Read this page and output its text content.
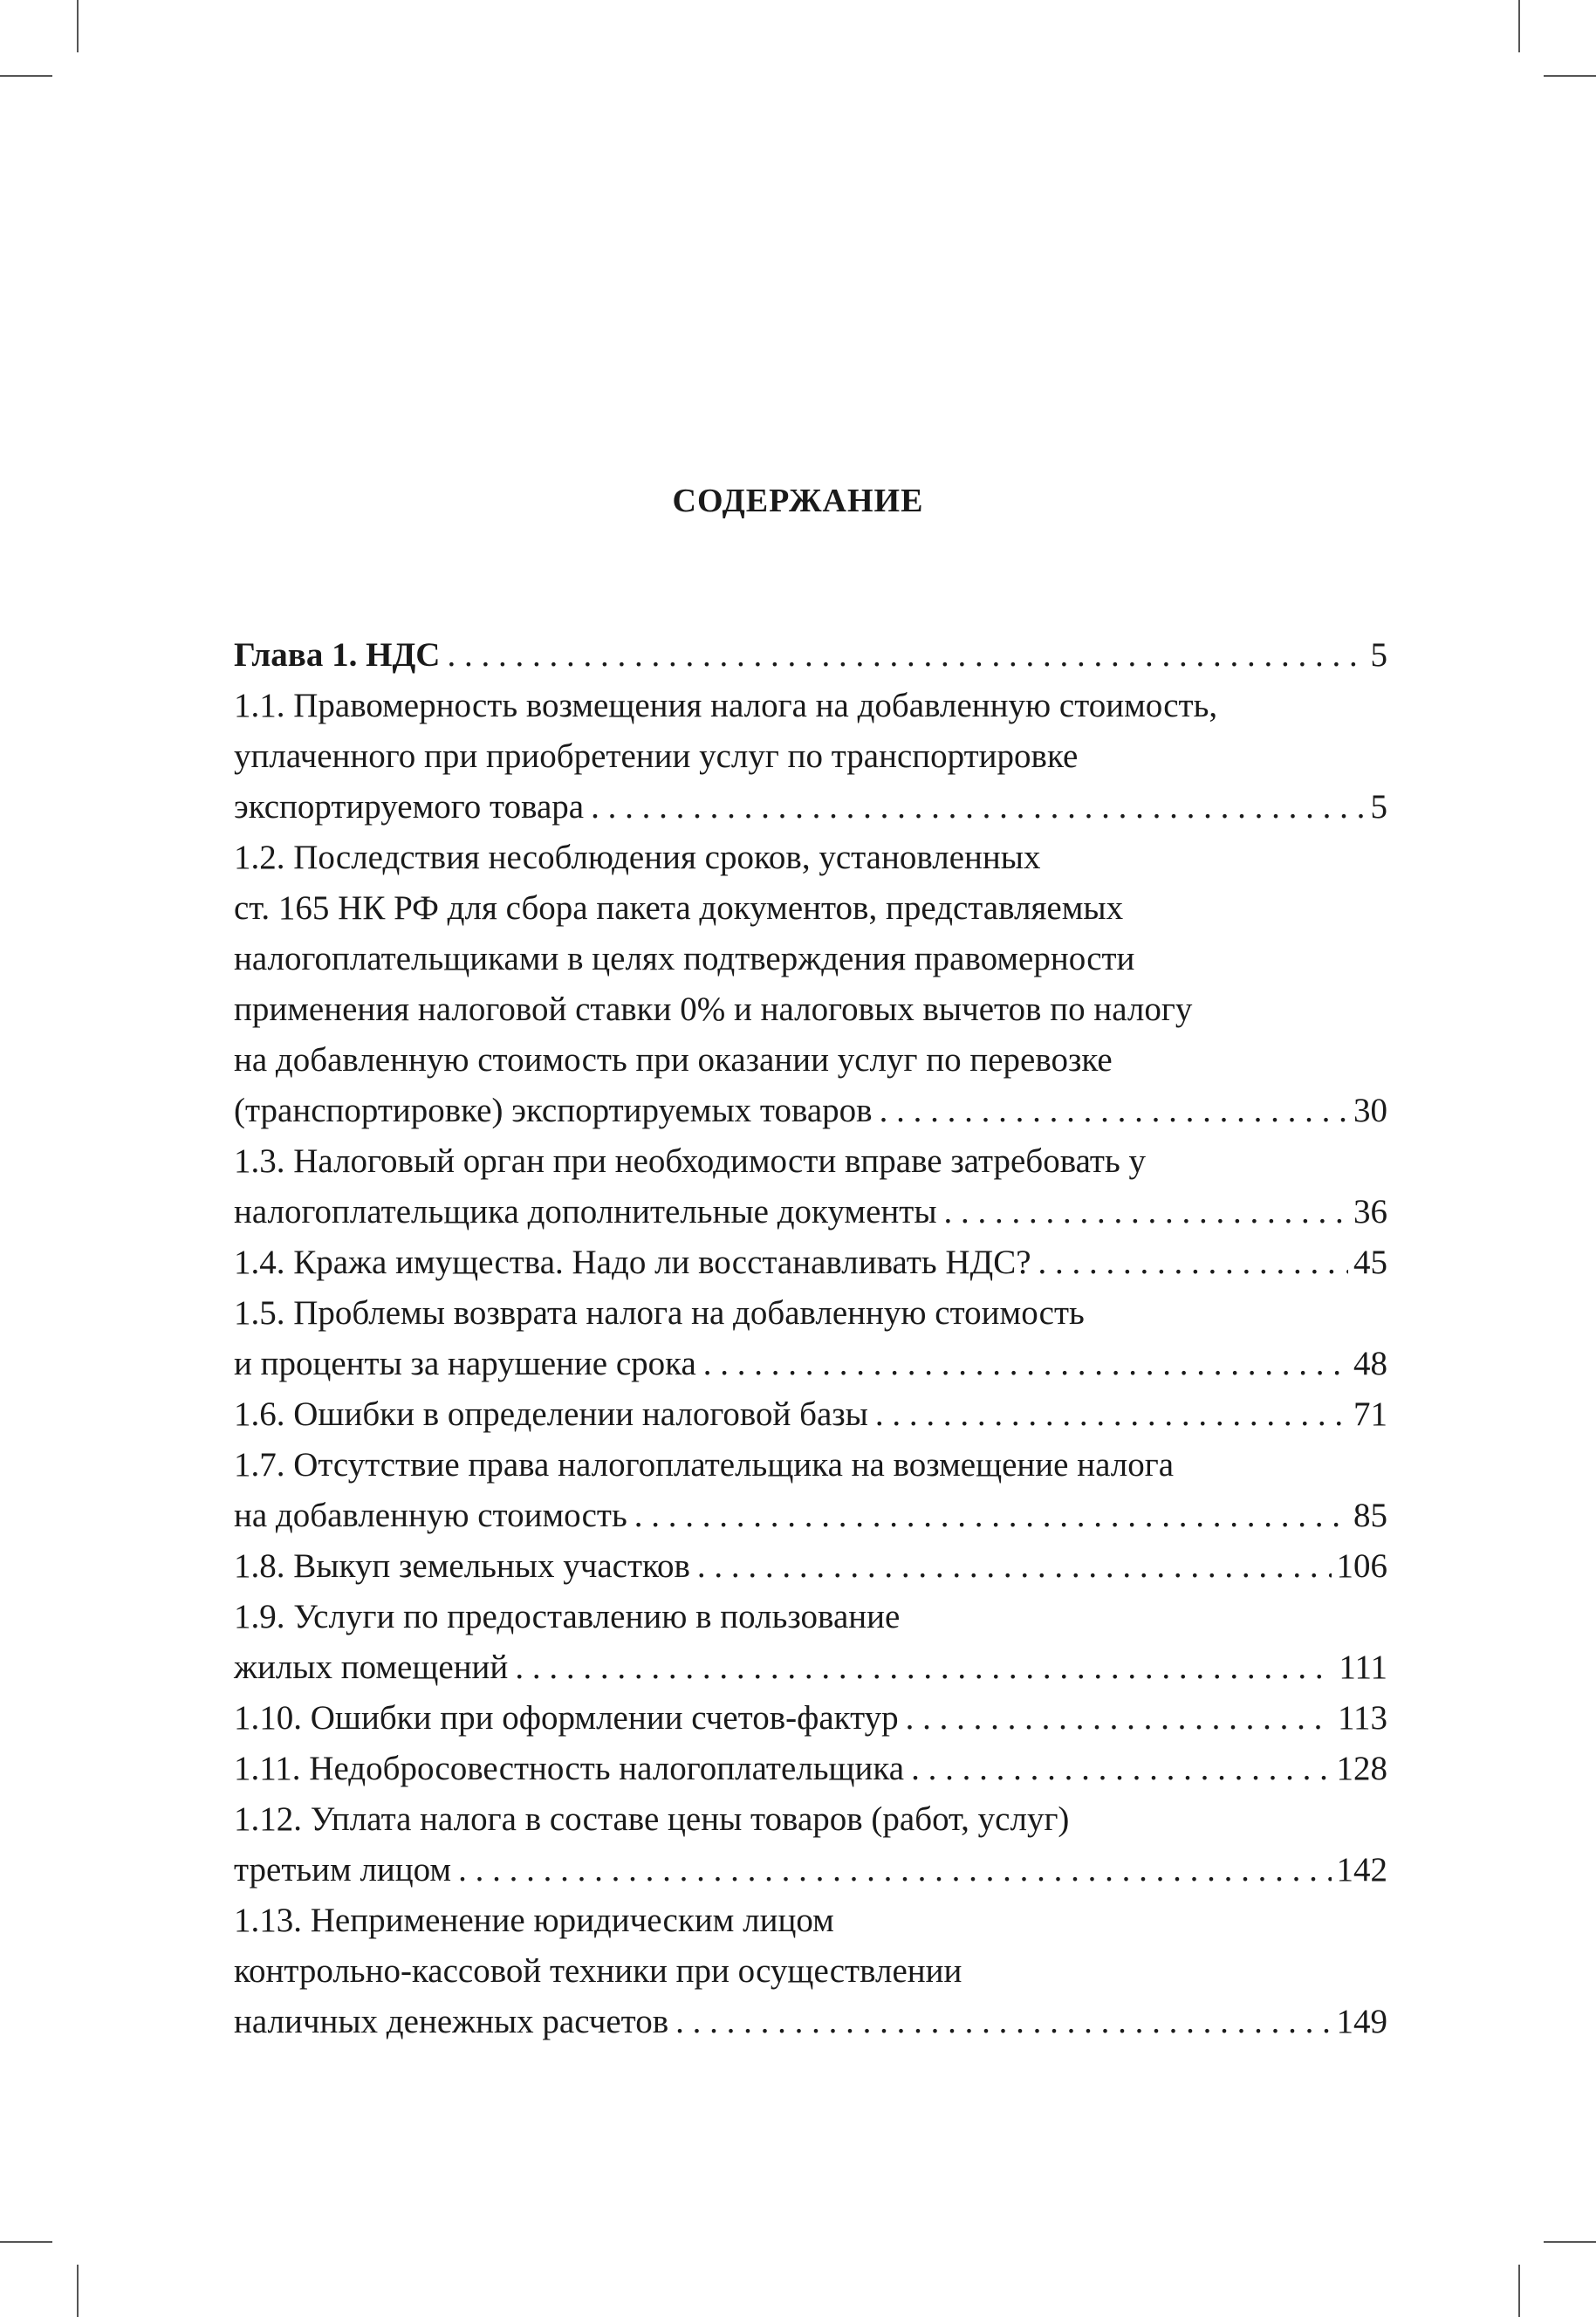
СОДЕРЖАНИЕ
Глава 1. НДС . . .	5
1.1. Правомерность возмещения налога на добавленную стоимость,
уплаченного при приобретении услуг по транспортировке
экспортируемого товара . . .	5
1.2. Последствия несоблюдения сроков, установленных
ст. 165 НК РФ для сбора пакета документов, представляемых
налогоплательщиками в целях подтверждения правомерности
применения налоговой ставки 0% и налоговых вычетов по налогу
на добавленную стоимость при оказании услуг по перевозке
(транспортировке) экспортируемых товаров . . .	30
1.3. Налоговый орган при необходимости вправе затребовать у
налогоплательщика дополнительные документы . . .	36
1.4. Кража имущества. Надо ли восстанавливать НДС? . . .	45
1.5. Проблемы возврата налога на добавленную стоимость
и проценты за нарушение срока . . .	48
1.6. Ошибки в определении налоговой базы . . .	71
1.7. Отсутствие права налогоплательщика на возмещение налога
на добавленную стоимость . . .	85
1.8. Выкуп земельных участков . . .	106
1.9. Услуги по предоставлению в пользование
жилых помещений . . .	111
1.10. Ошибки при оформлении счетов-фактур . . .	113
1.11. Недобросовестность налогоплательщика . . .	128
1.12. Уплата налога в составе цены товаров (работ, услуг)
третьим лицом . . .	142
1.13. Неприменение юридическим лицом
контрольно-кассовой техники при осуществлении
наличных денежных расчетов . . .	149
